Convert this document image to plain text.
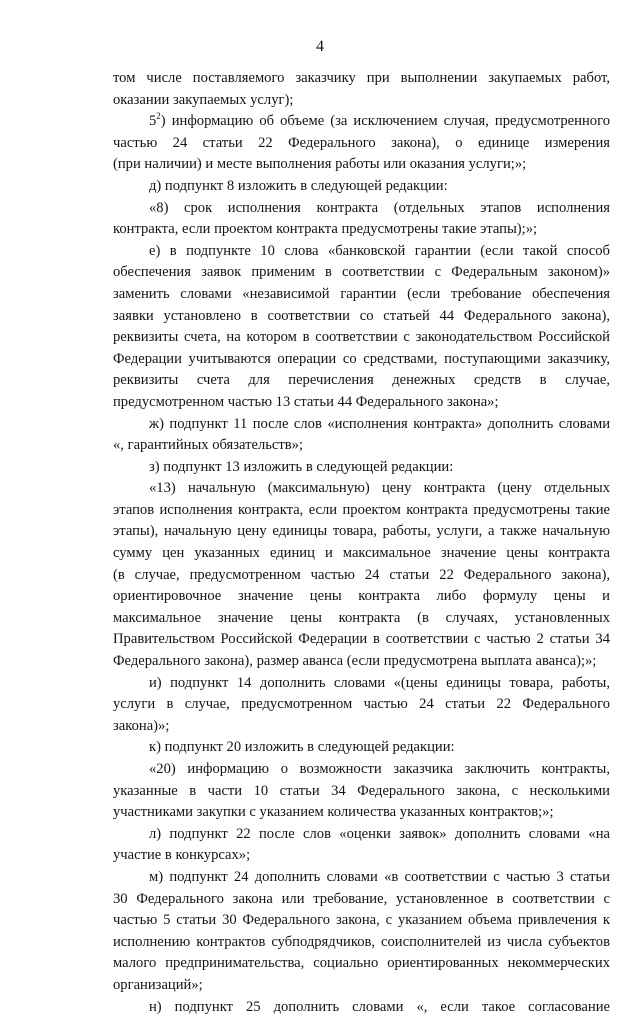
4
том числе поставляемого заказчику при выполнении закупаемых работ,
оказании закупаемых услуг);
$5^2$) информацию об объеме (за исключением случая, предусмотренного
частью 24 статьи 22 Федерального закона), о единице измерения
(при наличии) и месте выполнения работы или оказания услуги;»;
д) подпункт 8 изложить в следующей редакции:
«8) срок исполнения контракта (отдельных этапов исполнения
контракта, если проектом контракта предусмотрены такие этапы);»;
е) в подпункте 10 слова «банковской гарантии (если такой способ
обеспечения заявок применим в соответствии с Федеральным законом)»
заменить словами «независимой гарантии (если требование обеспечения
заявки установлено в соответствии со статьей 44 Федерального закона),
реквизиты счета, на котором в соответствии с законодательством Российской
Федерации учитываются операции со средствами, поступающими заказчику,
реквизиты счета для перечисления денежных средств в случае,
предусмотренном частью 13 статьи 44 Федерального закона»;
ж) подпункт 11 после слов «исполнения контракта» дополнить словами
«, гарантийных обязательств»;
з) подпункт 13 изложить в следующей редакции:
«13) начальную (максимальную) цену контракта (цену отдельных
этапов исполнения контракта, если проектом контракта предусмотрены такие
этапы), начальную цену единицы товара, работы, услуги, а также начальную
сумму цен указанных единиц и максимальное значение цены контракта
(в случае, предусмотренном частью 24 статьи 22 Федерального закона),
ориентировочное значение цены контракта либо формулу цены и
максимальное значение цены контракта (в случаях, установленных
Правительством Российской Федерации в соответствии с частью 2 статьи 34
Федерального закона), размер аванса (если предусмотрена выплата аванса);»;
и) подпункт 14 дополнить словами «(цены единицы товара, работы,
услуги в случае, предусмотренном частью 24 статьи 22 Федерального
закона)»;
к) подпункт 20 изложить в следующей редакции:
«20) информацию о возможности заказчика заключить контракты,
указанные в части 10 статьи 34 Федерального закона, с несколькими
участниками закупки с указанием количества указанных контрактов;»;
л) подпункт 22 после слов «оценки заявок» дополнить словами «на
участие в конкурсах»;
м) подпункт 24 дополнить словами «в соответствии с частью 3 статьи
30 Федерального закона или требование, установленное в соответствии с
частью 5 статьи 30 Федерального закона, с указанием объема привлечения к
исполнению контрактов субподрядчиков, соисполнителей из числа субъектов
малого предпринимательства, социально ориентированных некоммерческих
организаций»;
н) подпункт 25 дополнить словами «, если такое согласование
